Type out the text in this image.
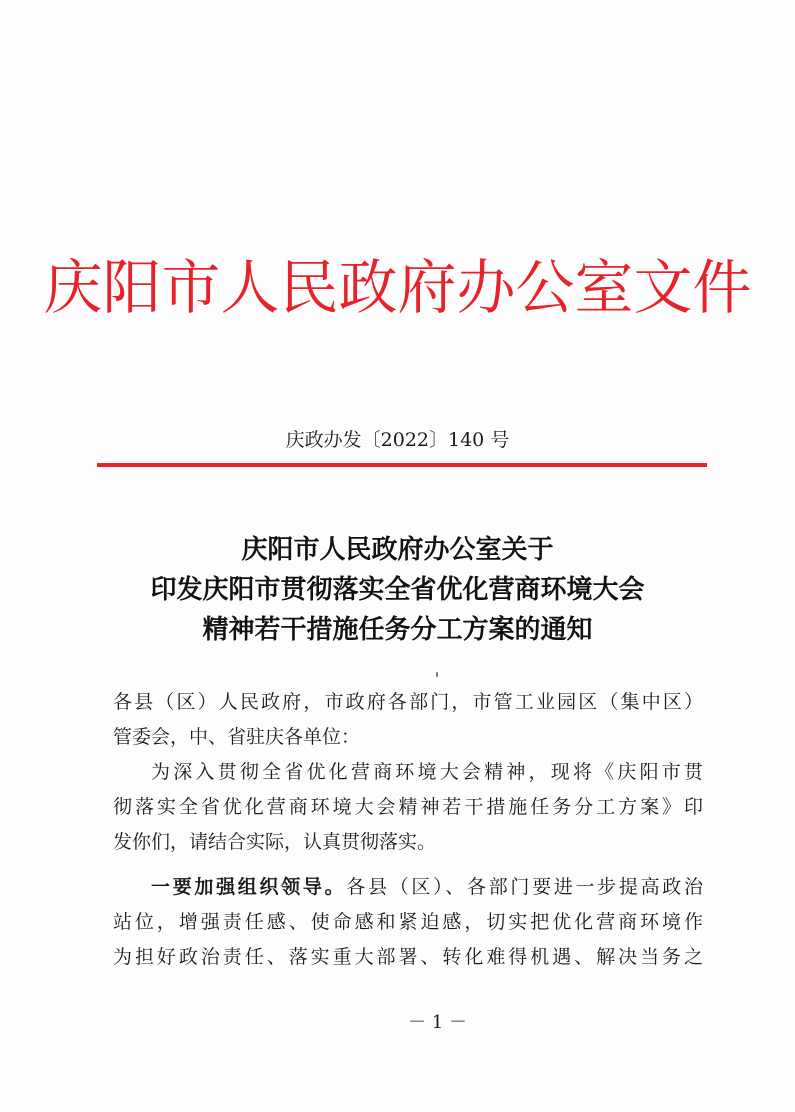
庆阳市人民政府办公室文件
庆政办发〔2022〕140 号
庆阳市人民政府办公室关于
印发庆阳市贯彻落实全省优化营商环境大会
精神若干措施任务分工方案的通知
各县（区）人民政府，市政府各部门，市管工业园区（集中区）
管委会，中、省驻庆各单位：
为深入贯彻全省优化营商环境大会精神，现将《庆阳市贯
彻落实全省优化营商环境大会精神若干措施任务分工方案》印
发你们，请结合实际，认真贯彻落实。
一要加强组织领导。各县（区）、各部门要进一步提高政治
站位，增强责任感、使命感和紧迫感，切实把优化营商环境作
为担好政治责任、落实重大部署、转化难得机遇、解决当务之
－ 1 －
